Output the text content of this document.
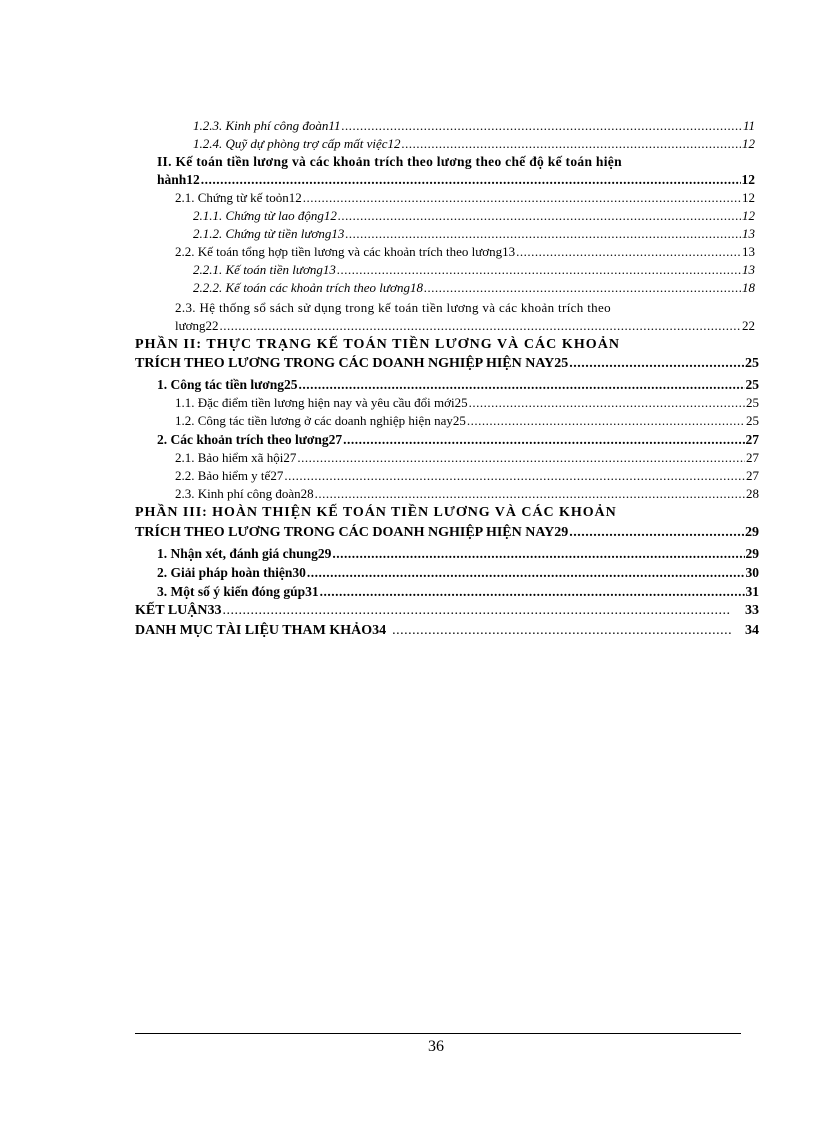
1.2.3. Kinh phí công đoàn11 .....	11
1.2.4. Quỹ dự phòng trợ cấp mất việc12 .....	12
II. Kế toán tiền lương và các khoản trích theo lương theo chế độ kế toán hiện
hành12 .....	12
2.1. Chứng từ kế toỏn12 .....	12
2.1.1. Chứng từ lao động12 .....	12
2.1.2. Chứng từ tiền lương13 .....	13
2.2. Kế toán tổng hợp tiền lương và các khoản trích theo lương13 .....	13
2.2.1. Kế toán tiền lương13 .....	13
2.2.2. Kế toán các khoản trích theo lương18 .....	18
2.3. Hệ thống sổ sách sử dụng trong kế toán tiền lương và các khoản trích theo
lương22 .....	22
PHẦN II: THỰC TRẠNG KẾ TOÁN TIỀN LƯƠNG VÀ CÁC KHOẢN
TRÍCH THEO LƯƠNG TRONG CÁC DOANH NGHIỆP HIỆN NAY25 .....	25
1. Công tác tiền lương25 .....	25
1.1. Đặc điểm tiền lương hiện nay và yêu cầu đổi mới25 .....	25
1.2. Công tác tiền lương ở các doanh nghiệp hiện nay25 .....	25
2. Các khoản trích theo lương27 .....	27
2.1. Bảo hiểm xã hội27 .....	27
2.2. Bảo hiểm y tế27 .....	27
2.3. Kinh phí công đoàn28 .....	28
PHẦN III: HOÀN THIỆN KẾ TOÁN TIỀN LƯƠNG VÀ CÁC KHOẢN
TRÍCH THEO LƯƠNG TRONG CÁC DOANH NGHIỆP HIỆN NAY29 .....	29
1. Nhận xét, đánh giá chung29 .....	29
2. Giải pháp hoàn thiện30 .....	30
3. Một số ý kiến đóng gúp31 .....	31
KẾT LUẬN33 .....	33
DANH MỤC TÀI LIỆU THAM KHẢO34 .....	34
36
